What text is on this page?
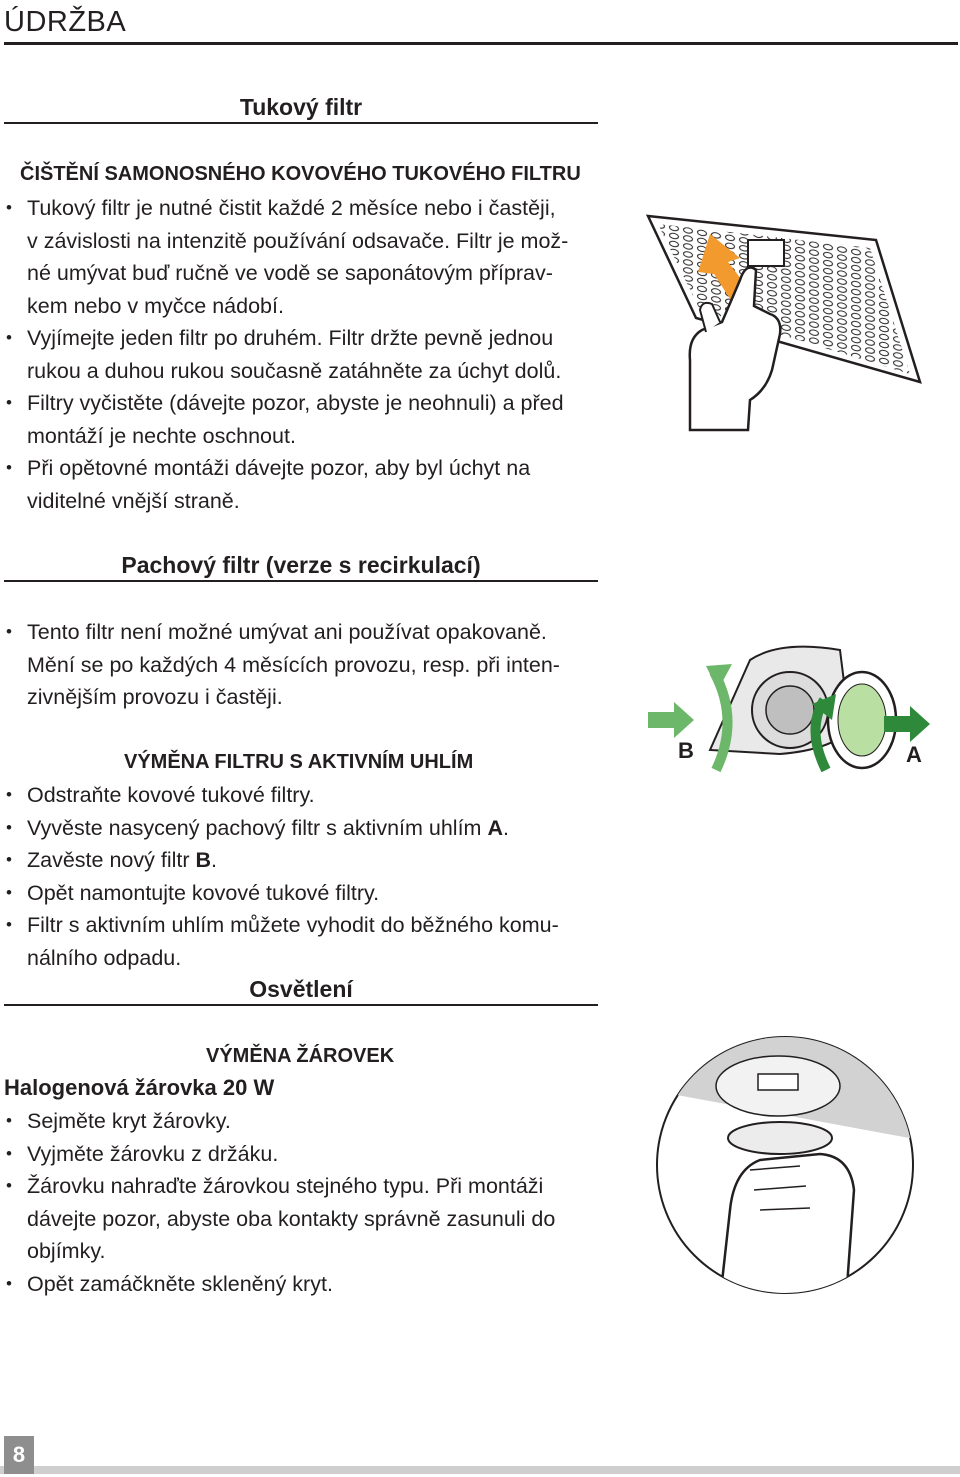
ÚDRŽBA
Tukový filtr
ČIŠTĚNÍ SAMONOSNÉHO KOVOVÉHO TUKOVÉHO FILTRU
• Tukový filtr je nutné čistit každé 2 měsíce nebo i častěji,
v závislosti na intenzitě používání odsavače. Filtr je mož-
né umývat buď ručně ve vodě se saponátovým příprav-
kem nebo v myčce nádobí.
• Vyjímejte jeden filtr po druhém. Filtr držte pevně jednou
rukou a duhou rukou současně zatáhněte za úchyt dolů.
• Filtry vyčistěte (dávejte pozor, abyste je neohnuli) a před
montáží je nechte oschnout.
• Při opětovné montáži dávejte pozor, aby byl úchyt na
viditelné vnější straně.
Pachový filtr (verze s recirkulací)
• Tento filtr není možné umývat ani používat opakovaně.
Mění se po každých 4 měsících provozu, resp. při inten-
zivnějším provozu i častěji.
VÝMĚNA FILTRU S AKTIVNÍM UHLÍM
• Odstraňte kovové tukové filtry.
• Vyvěste nasycený pachový filtr s aktivním uhlím A.
• Zavěste nový filtr B.
• Opět namontujte kovové tukové filtry.
• Filtr s aktivním uhlím můžete vyhodit do běžného komu-
nálního odpadu.
B	A
Osvětlení
VÝMĚNA ŽÁROVEK
Halogenová žárovka 20 W
• Sejměte kryt žárovky.
• Vyjměte žárovku z držáku.
• Žárovku nahraďte žárovkou stejného typu. Při montáži
dávejte pozor, abyste oba kontakty správně zasunuli do
objímky.
• Opět zamáčkněte skleněný kryt.
8
